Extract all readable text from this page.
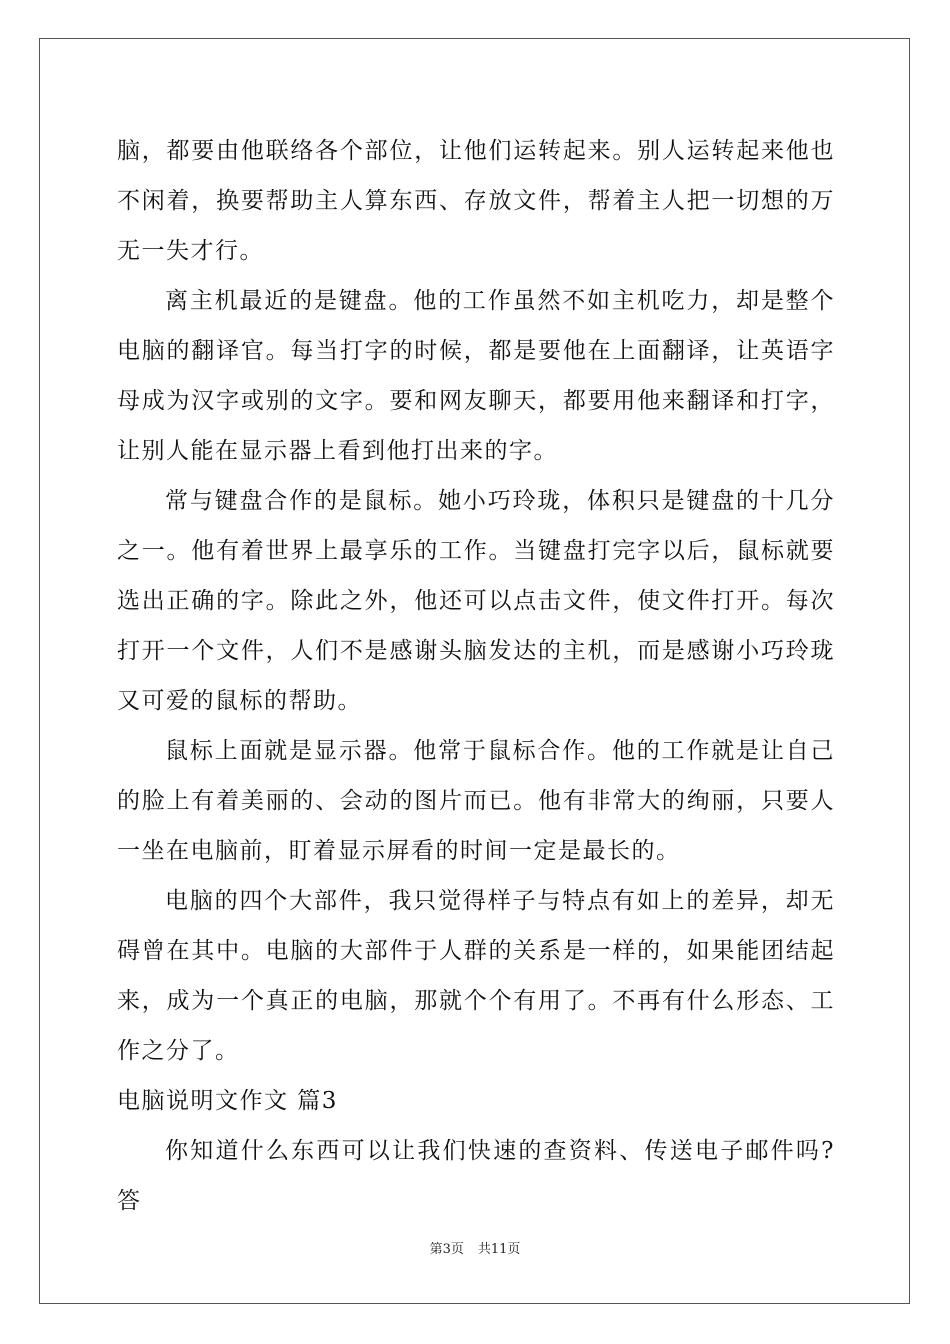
脑，都要由他联络各个部位，让他们运转起来。别人运转起来他也不闲着，换要帮助主人算东西、存放文件，帮着主人把一切想的万无一失才行。

离主机最近的是键盘。他的工作虽然不如主机吃力，却是整个电脑的翻译官。每当打字的时候，都是要他在上面翻译，让英语字母成为汉字或别的文字。要和网友聊天，都要用他来翻译和打字，让别人能在显示器上看到他打出来的字。

常与键盘合作的是鼠标。她小巧玲珑，体积只是键盘的十几分之一。他有着世界上最享乐的工作。当键盘打完字以后，鼠标就要选出正确的字。除此之外，他还可以点击文件，使文件打开。每次打开一个文件，人们不是感谢头脑发达的主机，而是感谢小巧玲珑又可爱的鼠标的帮助。

鼠标上面就是显示器。他常于鼠标合作。他的工作就是让自己的脸上有着美丽的、会动的图片而已。他有非常大的绚丽，只要人一坐在电脑前，盯着显示屏看的时间一定是最长的。

电脑的四个大部件，我只觉得样子与特点有如上的差异，却无碍曾在其中。电脑的大部件于人群的关系是一样的，如果能团结起来，成为一个真正的电脑，那就个个有用了。不再有什么形态、工作之分了。

电脑说明文作文 篇3

你知道什么东西可以让我们快速的查资料、传送电子邮件吗?答

第3页 共11页
